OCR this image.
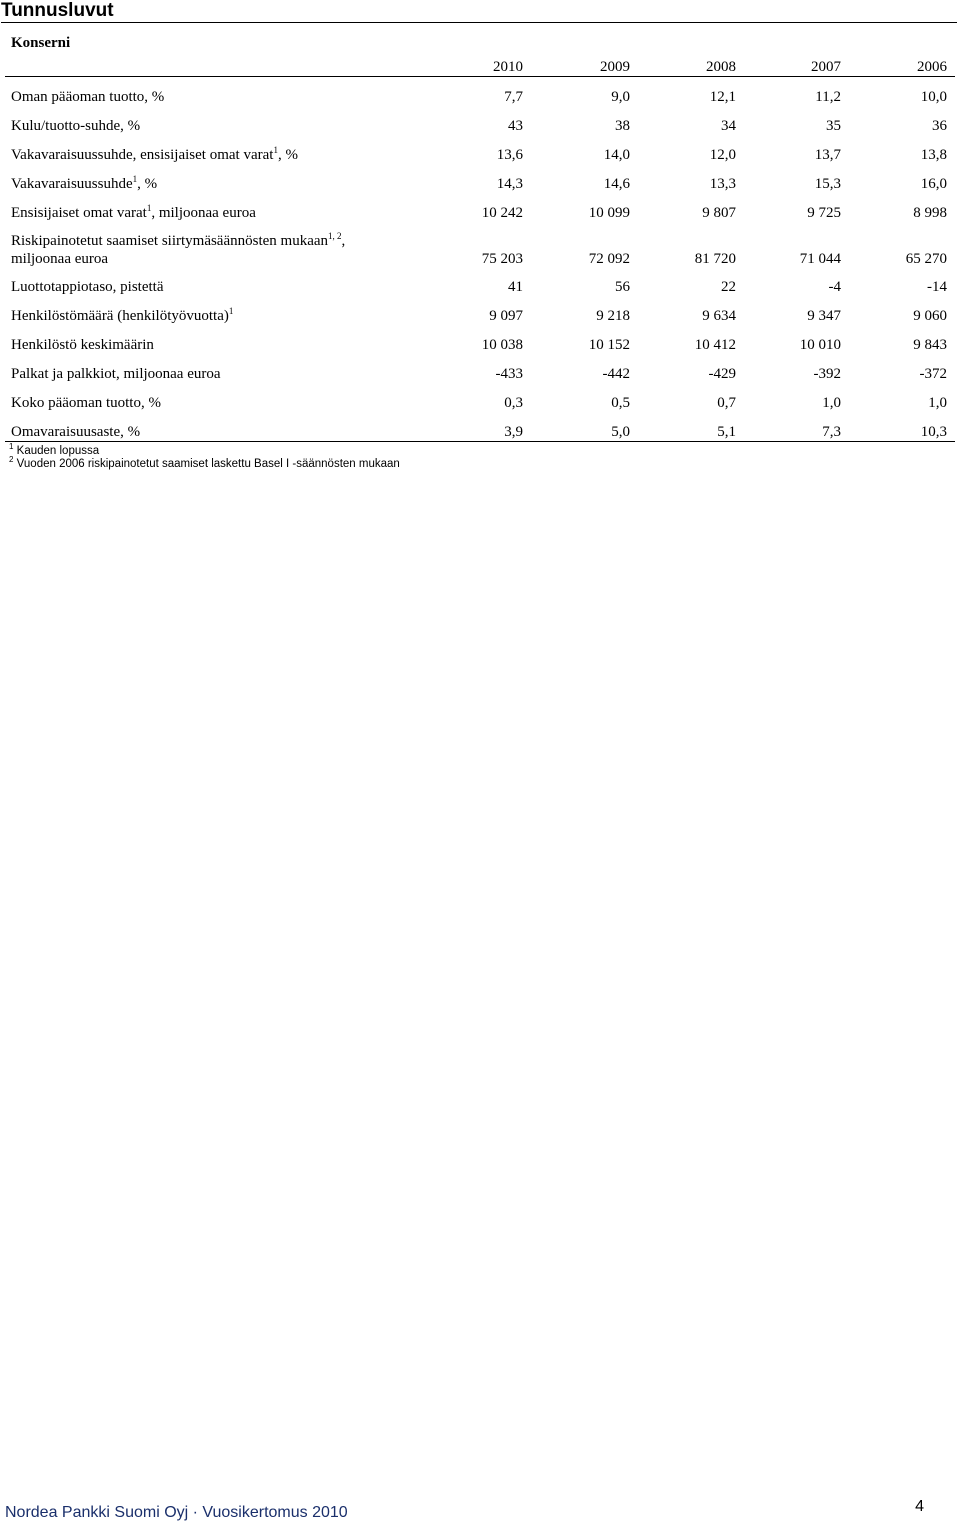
Tunnusluvut
Konserni
2010	2009	2008	2007	2006
Oman pääoman tuotto, %	7,7	9,0	12,1	11,2	10,0
Kulu/tuotto-suhde, %	43	38	34	35	36
Vakavaraisuussuhde, ensisijaiset omat varat$^1$, %	13,6	14,0	12,0	13,7	13,8
Vakavaraisuussuhde$^1$, %	14,3	14,6	13,3	15,3	16,0
Ensisijaiset omat varat$^1$, miljoonaa euroa	10 242	10 099	9 807	9 725	8 998
Riskipainotetut saamiset siirtymäsäännösten mukaan$^{1, 2}$,
miljoonaa euroa	75 203	72 092	81 720	71 044	65 270
Luottotappiotaso, pistettä	41	56	22	-4	-14
Henkilöstömäärä (henkilötyövuotta)$^1$	9 097	9 218	9 634	9 347	9 060
Henkilöstö keskimäärin	10 038	10 152	10 412	10 010	9 843
Palkat ja palkkiot, miljoonaa euroa	-433	-442	-429	-392	-372
Koko pääoman tuotto, %	0,3	0,5	0,7	1,0	1,0
Omavaraisuusaste, %	3,9	5,0	5,1	7,3	10,3
$^1$ Kauden lopussa
$^2$ Vuoden 2006 riskipainotetut saamiset laskettu Basel I -säännösten mukaan
Nordea Pankki Suomi Oyj · Vuosikertomus 2010	4
